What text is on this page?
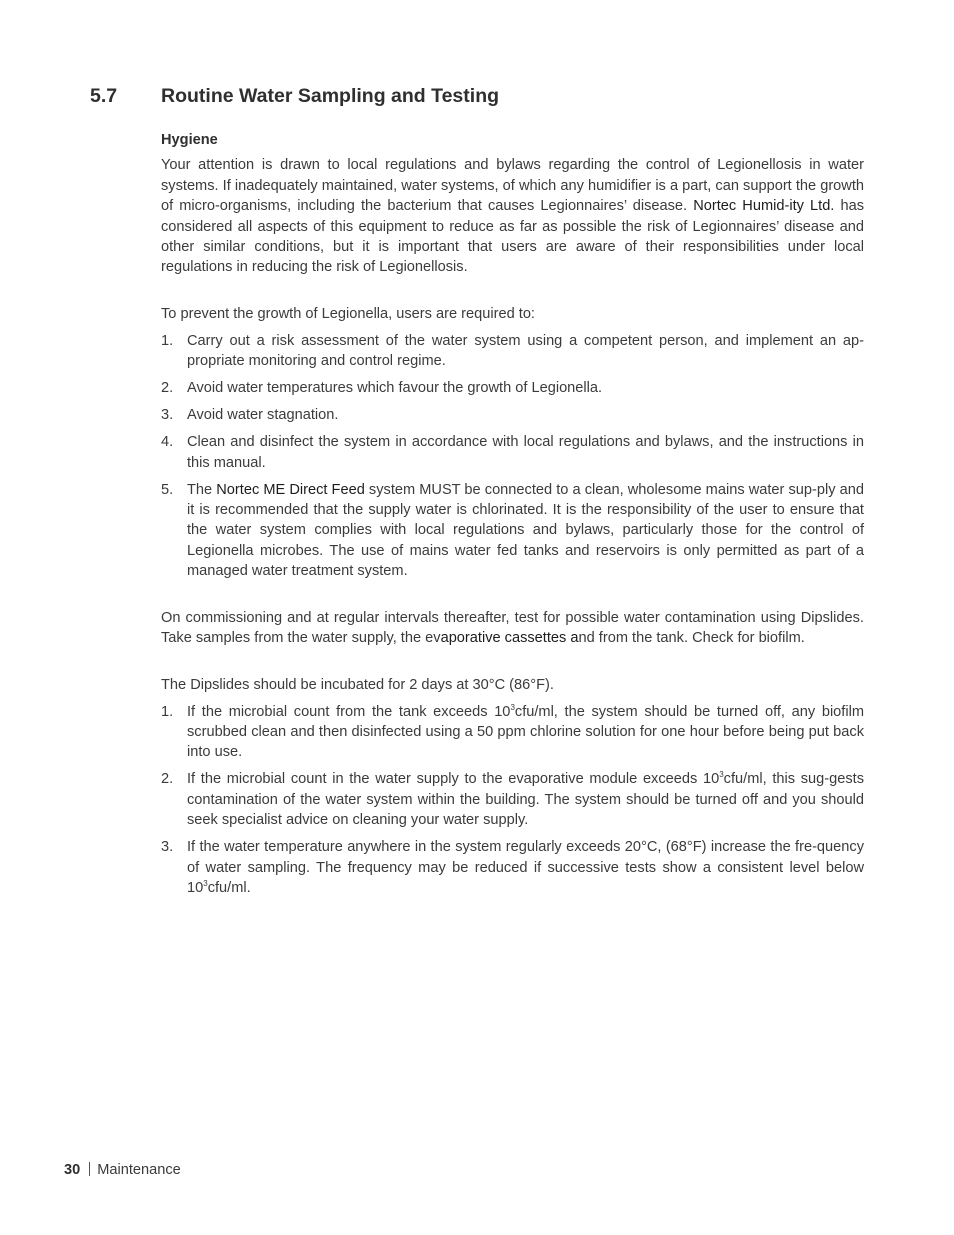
5.7 Routine Water Sampling and Testing
Hygiene

Your attention is drawn to local regulations and bylaws regarding the control of Legionellosis in water systems. If inadequately maintained, water systems, of which any humidifier is a part, can support the growth of micro-organisms, including the bacterium that causes Legionnaires’ disease. Nortec Humid-ity Ltd. has considered all aspects of this equipment to reduce as far as possible the risk of Legionnaires’ disease and other similar conditions, but it is important that users are aware of their responsibilities under local regulations in reducing the risk of Legionellosis.

To prevent the growth of Legionella, users are required to:

1. Carry out a risk assessment of the water system using a competent person, and implement an ap-propriate monitoring and control regime.
2. Avoid water temperatures which favour the growth of Legionella.
3. Avoid water stagnation.
4. Clean and disinfect the system in accordance with local regulations and bylaws, and the instructions in this manual.
5. The Nortec ME Direct Feed system MUST be connected to a clean, wholesome mains water sup-ply and it is recommended that the supply water is chlorinated. It is the responsibility of the user to ensure that the water system complies with local regulations and bylaws, particularly those for the control of Legionella microbes. The use of mains water fed tanks and reservoirs is only permitted as part of a managed water treatment system.

On commissioning and at regular intervals thereafter, test for possible water contamination using Dipslides. Take samples from the water supply, the evaporative cassettes and from the tank. Check for biofilm.

The Dipslides should be incubated for 2 days at 30°C (86°F).

1. If the microbial count from the tank exceeds $10^3cfu/ml$, the system should be turned off, any biofilm scrubbed clean and then disinfected using a 50 ppm chlorine solution for one hour before being put back into use.
2. If the microbial count in the water supply to the evaporative module exceeds $10^3cfu/ml$, this sug-gests contamination of the water system within the building. The system should be turned off and you should seek specialist advice on cleaning your water supply.
3. If the water temperature anywhere in the system regularly exceeds 20°C, (68°F) increase the fre-quency of water sampling. The frequency may be reduced if successive tests show a consistent level below $10^3cfu/ml$.
30 Maintenance
